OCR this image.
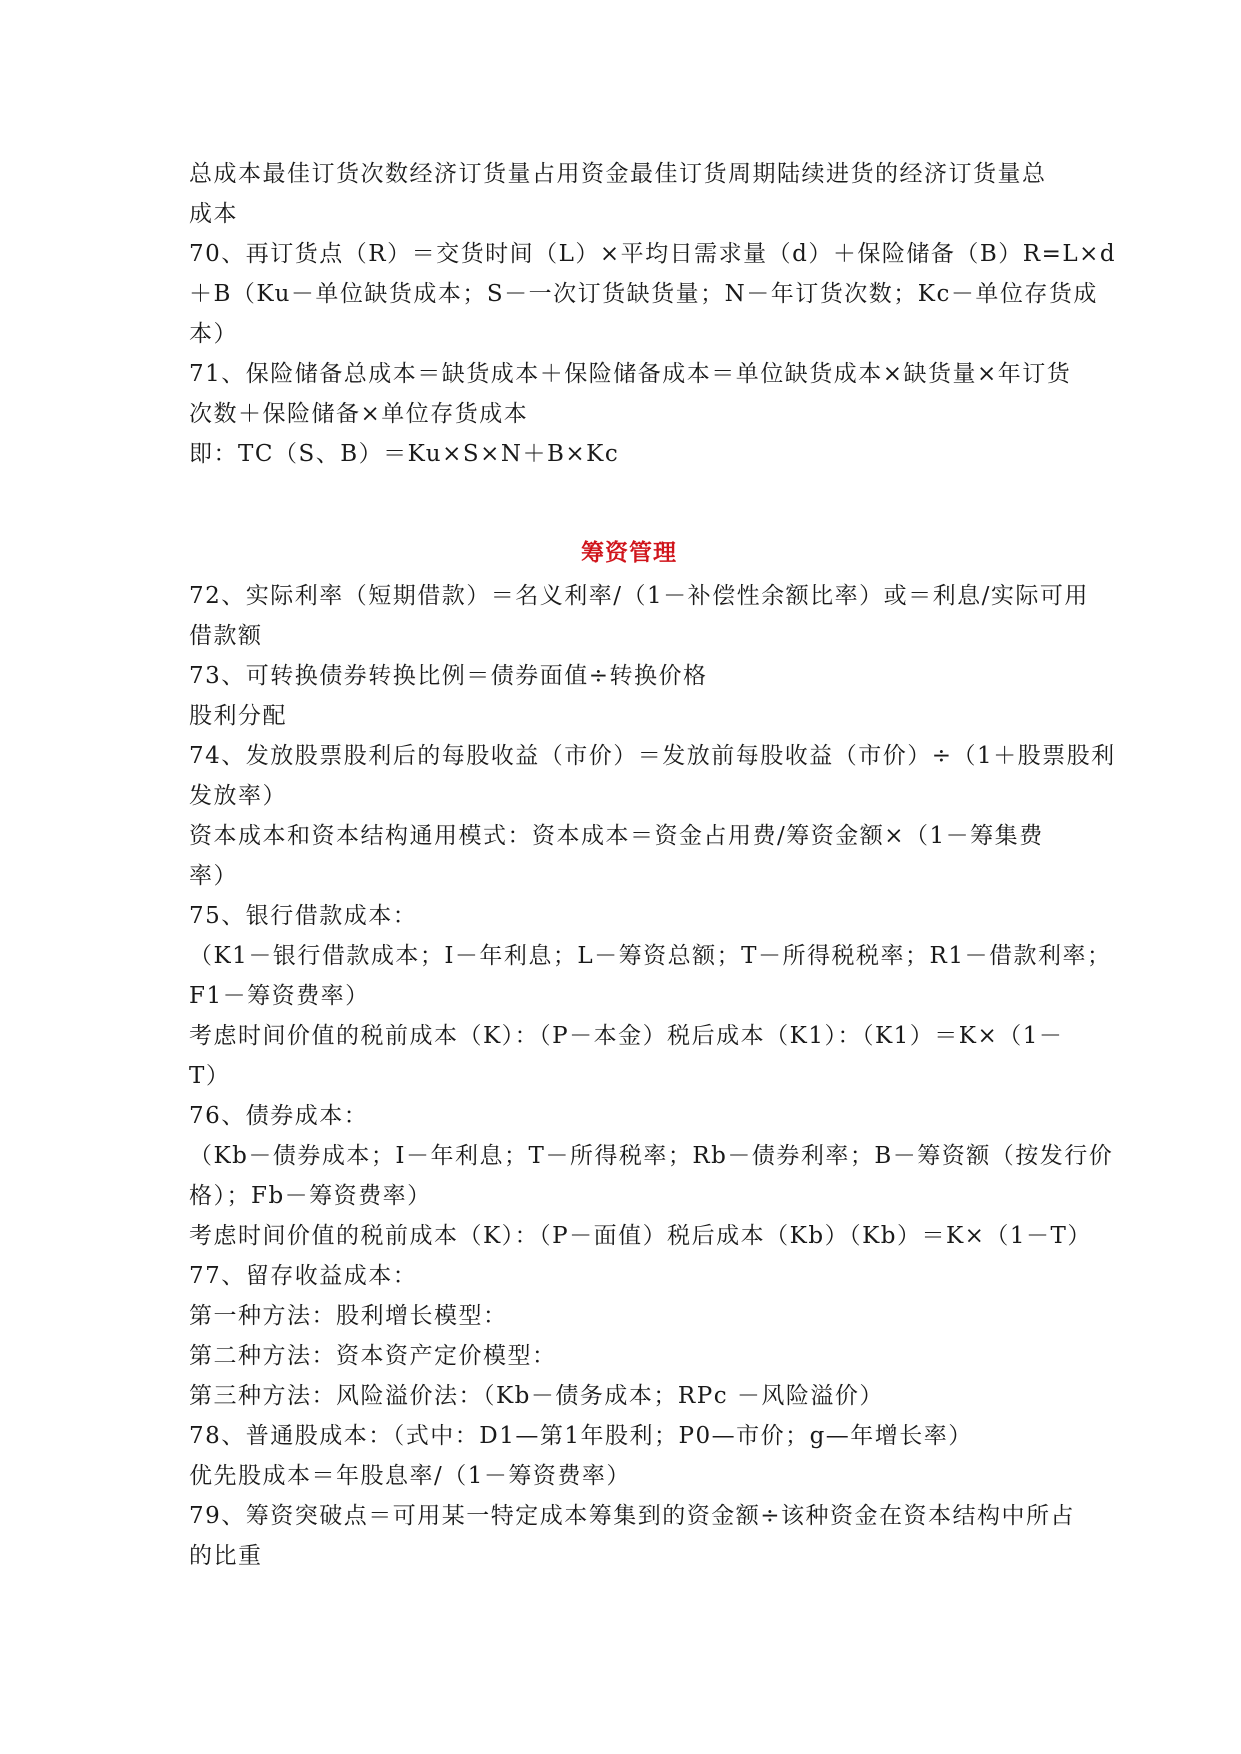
总成本最佳订货次数经济订货量占用资金最佳订货周期陆续进货的经济订货量总
成本
70、再订货点（R）＝交货时间（L）×平均日需求量（d）＋保险储备（B）R=L×d
＋B（Ku－单位缺货成本；S－一次订货缺货量；N－年订货次数；Kc－单位存货成
本）
71、保险储备总成本＝缺货成本＋保险储备成本＝单位缺货成本×缺货量×年订货
次数＋保险储备×单位存货成本
即：TC（S、B）＝Ku×S×N＋B×Kc
筹资管理
72、实际利率（短期借款）＝名义利率/（1－补偿性余额比率）或＝利息/实际可用
借款额
73、可转换债券转换比例＝债券面值÷转换价格
股利分配
74、发放股票股利后的每股收益（市价）＝发放前每股收益（市价）÷（1＋股票股利
发放率）
资本成本和资本结构通用模式：资本成本＝资金占用费/筹资金额×（1－筹集费
率）
75、银行借款成本：
（K1－银行借款成本；I－年利息；L－筹资总额；T－所得税税率；R1－借款利率；
F1－筹资费率）
考虑时间价值的税前成本（K）：（P－本金）税后成本（K1）：（K1）＝K×（1－
T）
76、债券成本：
（Kb－债券成本；I－年利息；T－所得税率；Rb－债券利率；B－筹资额（按发行价
格）；Fb－筹资费率）
考虑时间价值的税前成本（K）：（P－面值）税后成本（Kb）（Kb）＝K×（1－T）
77、留存收益成本：
第一种方法：股利增长模型：
第二种方法：资本资产定价模型：
第三种方法：风险溢价法：（Kb－债务成本；RPc －风险溢价）
78、普通股成本：（式中：D1—第1年股利；P0—市价；g—年增长率）
优先股成本＝年股息率/（1－筹资费率）
79、筹资突破点＝可用某一特定成本筹集到的资金额÷该种资金在资本结构中所占
的比重
